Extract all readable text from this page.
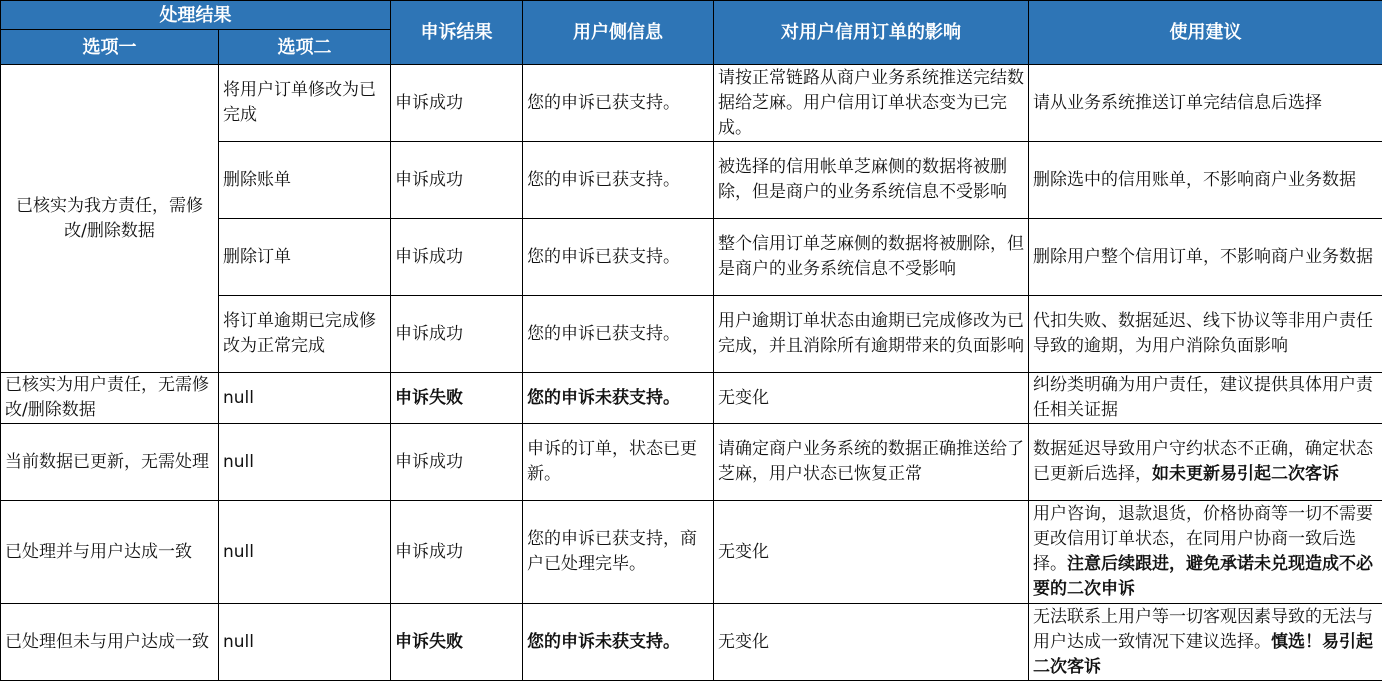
处理结果		申诉结果	用户侧信息	对用户信用订单的影响	使用建议
选项一	选项二				
已核实为我方责任，需修改/删除数据	将用户订单修改为已完成	申诉成功	您的申诉已获支持。	请按正常链路从商户业务系统推送完结数据给芝麻。用户信用订单状态变为已完成。	请从业务系统推送订单完结信息后选择
	删除账单	申诉成功	您的申诉已获支持。	被选择的信用帐单芝麻侧的数据将被删除，但是商户的业务系统信息不受影响	删除选中的信用账单，不影响商户业务数据
	删除订单	申诉成功	您的申诉已获支持。	整个信用订单芝麻侧的数据将被删除，但是商户的业务系统信息不受影响	删除用户整个信用订单，不影响商户业务数据
	将订单逾期已完成修改为正常完成	申诉成功	您的申诉已获支持。	用户逾期订单状态由逾期已完成修改为已完成，并且消除所有逾期带来的负面影响	代扣失败、数据延迟、线下协议等非用户责任导致的逾期，为用户消除负面影响
已核实为用户责任，无需修改/删除数据	null	申诉失败	您的申诉未获支持。	无变化	纠纷类明确为用户责任，建议提供具体用户责任相关证据
当前数据已更新，无需处理	null	申诉成功	申诉的订单，状态已更新。	请确定商户业务系统的数据正确推送给了芝麻，用户状态已恢复正常	数据延迟导致用户守约状态不正确，确定状态已更新后选择，如未更新易引起二次客诉
已处理并与用户达成一致	null	申诉成功	您的申诉已获支持，商户已处理完毕。	无变化	用户咨询，退款退货，价格协商等一切不需要更改信用订单状态，在同用户协商一致后选择。注意后续跟进，避免承诺未兑现造成不必要的二次申诉
已处理但未与用户达成一致	null	申诉失败	您的申诉未获支持。	无变化	无法联系上用户等一切客观因素导致的无法与用户达成一致情况下建议选择。慎选！易引起二次客诉
